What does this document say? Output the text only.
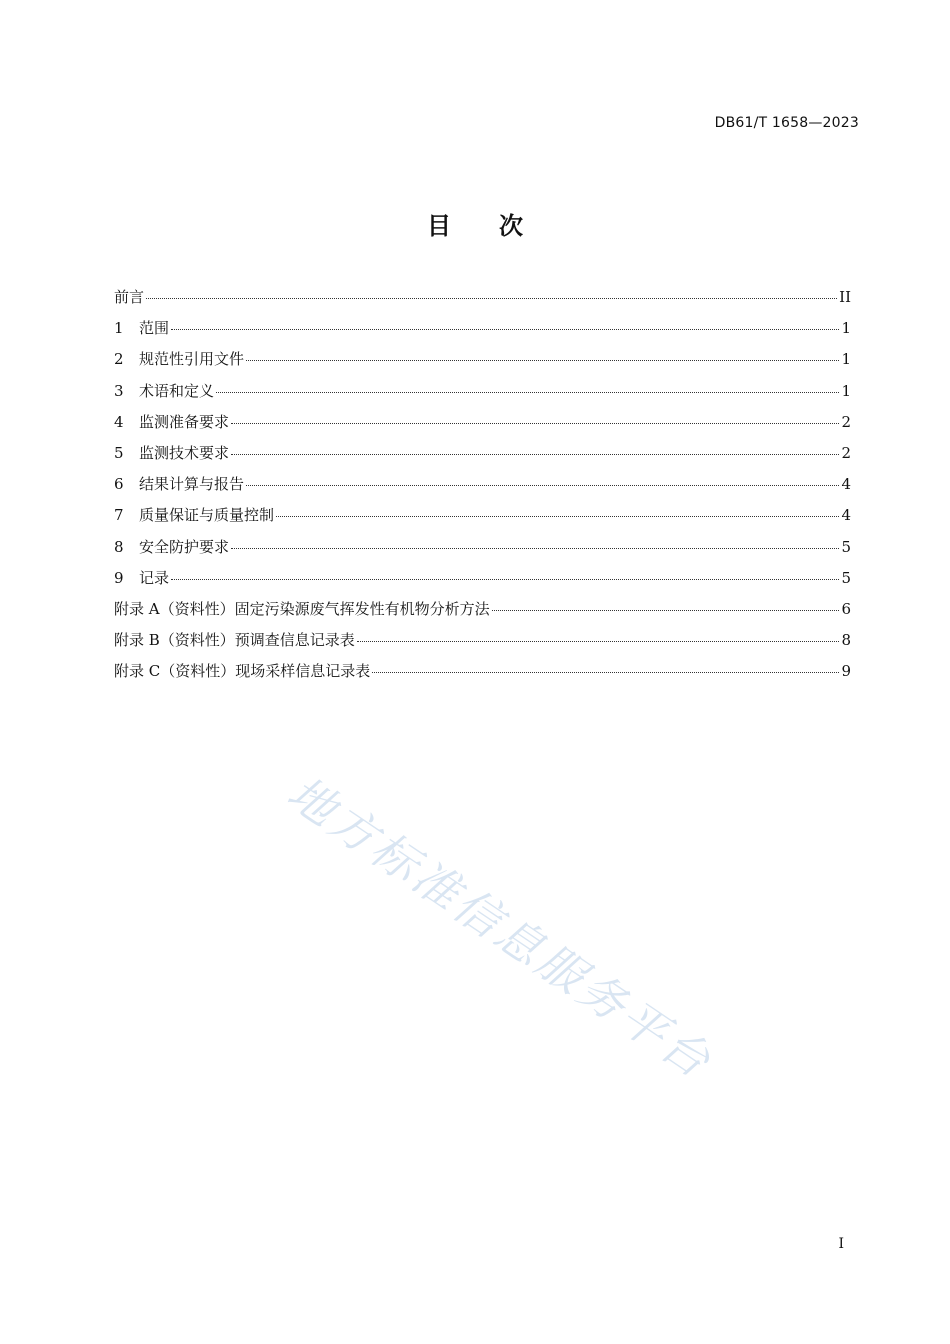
DB61/T 1658—2023
目 次
前言	II
1	范围	1
2	规范性引用文件	1
3	术语和定义	1
4	监测准备要求	2
5	监测技术要求	2
6	结果计算与报告	4
7	质量保证与质量控制	4
8	安全防护要求	5
9	记录	5
附录 A（资料性）固定污染源废气挥发性有机物分析方法	6
附录 B（资料性）预调查信息记录表	8
附录 C（资料性）现场采样信息记录表	9
地方标准信息服务平台
I
